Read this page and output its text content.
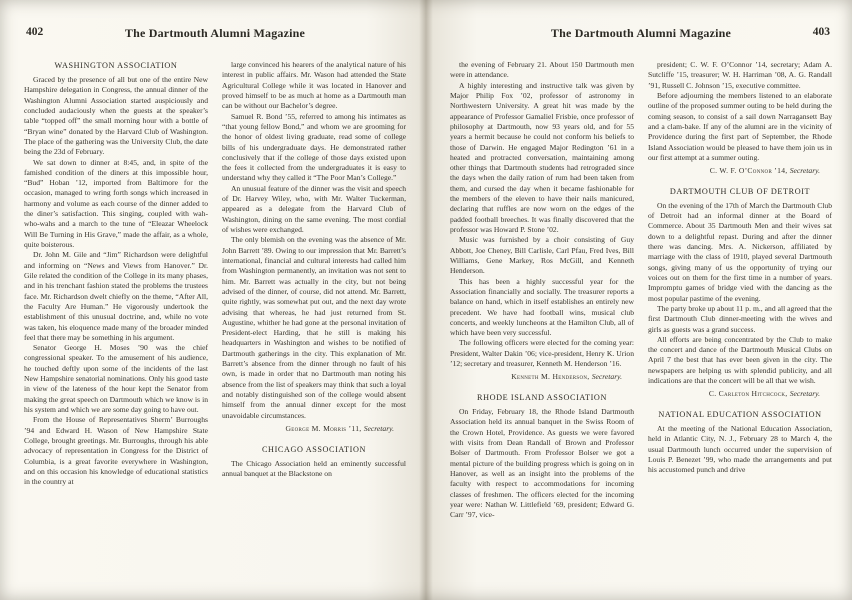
402	The Dartmouth Alumni Magazine
WASHINGTON ASSOCIATION
Graced by the presence of all but one of the entire New Hampshire delegation in Congress, the annual dinner of the Washington Alumni Association started auspiciously and concluded audaciously when the guests at the speaker’s table “topped off” the small morning hour with a bottle of “Bryan wine” donated by the Harvard Club of Washington. The place of the gathering was the University Club, the date being the 23d of February.
We sat down to dinner at 8:45, and, in spite of the famished condition of the diners at this impossible hour, “Bud” Hoban ’12, imported from Baltimore for the occasion, managed to wring forth songs which increased in harmony and volume as each course of the dinner added to the diner’s satisfaction. This singing, coupled with wah-who-wahs and a march to the tune of “Eleazar Wheelock Will Be Turning in His Grave,” made the affair, as a whole, quite boisterous.
Dr. John M. Gile and “Jim” Richardson were delightful and informing on “News and Views from Hanover.” Dr. Gile related the condition of the College in its many phases, and in his trenchant fashion stated the problems the trustees face. Mr. Richardson dwelt chiefly on the theme, “After All, the Faculty Are Human.” He vigorously undertook the establishment of this unusual doctrine, and, while no vote was taken, his eloquence made many of the broader minded feel that there may be something in his argument.
Senator George H. Moses ’90 was the chief congressional speaker. To the amusement of his audience, he touched deftly upon some of the incidents of the last New Hampshire senatorial nominations. Only his good taste in view of the lateness of the hour kept the Senator from making the great speech on Dartmouth which we know is in his system and which we are some day going to have out.
From the House of Representatives Sherm’ Burroughs ’94 and Edward H. Wason of New Hampshire State College, brought greetings. Mr. Burroughs, through his able advocacy of representation in Congress for the District of Columbia, is a great favorite everywhere in Washington, and on this occasion his knowledge of educational statistics in the country at
large convinced his hearers of the analytical nature of his interest in public affairs. Mr. Wason had attended the State Agricultural College while it was located in Hanover and proved himself to be as much at home as a Dartmouth man can be without our Bachelor’s degree.
Samuel R. Bond ’55, referred to among his intimates as “that young fellow Bond,” and whom we are grooming for the honor of oldest living graduate, read some of college bills of his undergraduate days. He demonstrated rather conclusively that if the college of those days existed upon the fees it collected from the undergraduates it is easy to understand why they called it “The Poor Man’s College.”
An unusual feature of the dinner was the visit and speech of Dr. Harvey Wiley, who, with Mr. Walter Tuckerman, appeared as a delegate from the Harvard Club of Washington, dining on the same evening. The most cordial of wishes were exchanged.
The only blemish on the evening was the absence of Mr. John Barrett ’89. Owing to our impression that Mr. Barrett’s international, financial and cultural interests had called him from Washington permanently, an invitation was not sent to him. Mr. Barrett was actually in the city, but not being advised of the dinner, of course, did not attend. Mr. Barrett, quite rightly, was somewhat put out, and the next day wrote advising that whereas, he had just returned from St. Augustine, whither he had gone at the personal invitation of President-elect Harding, that he still is making his headquarters in Washington and wishes to be notified of Dartmouth gatherings in the city. This explanation of Mr. Barrett’s absence from the dinner through no fault of his own, is made in order that no Dartmouth man noting his absence from the list of speakers may think that such a loyal and notably distinguished son of the college would absent himself from the annual dinner except for the most unavoidable circumstances.
George M. Morris ’11, Secretary.
CHICAGO ASSOCIATION
The Chicago Association held an eminently successful annual banquet at the Blackstone on
The Dartmouth Alumni Magazine	403
the evening of February 21. About 150 Dartmouth men were in attendance.
A highly interesting and instructive talk was given by Major Philip Fox ’02, professor of astronomy in Northwestern University. A great hit was made by the appearance of Professor Gamaliel Frisbie, once professor of philosophy at Dartmouth, now 93 years old, and for 55 years a hermit because he could not conform his beliefs to those of Darwin. He engaged Major Redington ’61 in a heated and protracted conversation, maintaining among other things that Dartmouth students had retrograded since the days when the daily ration of rum had been taken from them, and cursed the day when it became fashionable for the members of the eleven to have their nails manicured, declaring that ruffles are now worn on the edges of the padded football breeches. It was finally discovered that the professor was Howard P. Stone ’02.
Music was furnished by a choir consisting of Guy Abbott, Joe Cheney, Bill Carlisle, Carl Pfau, Fred Ives, Bill Williams, Gene Markey, Ros McGill, and Kenneth Henderson.
This has been a highly successful year for the Association financially and socially. The treasurer reports a balance on hand, which in itself establishes an entirely new precedent. We have had football wins, musical club concerts, and weekly luncheons at the Hamilton Club, all of which have been very successful.
The following officers were elected for the coming year: President, Walter Dakin ’06; vice-president, Henry K. Urion ’12; secretary and treasurer, Kenneth M. Henderson ’16.
Kenneth M. Henderson, Secretary.
RHODE ISLAND ASSOCIATION
On Friday, February 18, the Rhode Island Dartmouth Association held its annual banquet in the Swiss Room of the Crown Hotel, Providence. As guests we were favored with visits from Dean Randall of Brown and Professor Bolser of Dartmouth. From Professor Bolser we got a mental picture of the building progress which is going on in Hanover, as well as an insight into the problems of the faculty with respect to accommodations for incoming classes of freshmen. The officers elected for the incoming year were: Nathan W. Littlefield ’69, president; Edward G. Carr ’97, vice-
president; C. W. F. O’Connor ’14, secretary; Adam A. Sutcliffe ’15, treasurer; W. H. Harriman ’08, A. G. Randall ’91, Russell C. Johnson ’15, executive committee.
Before adjourning the members listened to an elaborate outline of the proposed summer outing to be held during the coming season, to consist of a sail down Narragansett Bay and a clam-bake. If any of the alumni are in the vicinity of Providence during the first part of September, the Rhode Island Association would be pleased to have them join us in our first attempt at a summer outing.
C. W. F. O’Connor ’14, Secretary.
DARTMOUTH CLUB OF DETROIT
On the evening of the 17th of March the Dartmouth Club of Detroit had an informal dinner at the Board of Commerce. About 35 Dartmouth Men and their wives sat down to a delightful repast. During and after the dinner there was dancing. Mrs. A. Nickerson, affiliated by marriage with the class of 1910, played several Dartmouth songs, giving many of us the opportunity of trying our voices out on them for the first time in a number of years. Impromptu games of bridge vied with the dancing as the most popular pastime of the evening.
The party broke up about 11 p. m., and all agreed that the first Dartmouth Club dinner-meeting with the wives and girls as guests was a grand success.
All efforts are being concentrated by the Club to make the concert and dance of the Dartmouth Musical Clubs on April 7 the best that has ever been given in the city. The newspapers are helping us with splendid publicity, and all indications are that the concert will be all that we wish.
C. Carleton Hitchcock, Secretary.
NATIONAL EDUCATION ASSOCIATION
At the meeting of the National Education Association, held in Atlantic City, N. J., February 28 to March 4, the usual Dartmouth lunch occurred under the supervision of Louis P. Benezet ’99, who made the arrangements and put his accustomed punch and drive
